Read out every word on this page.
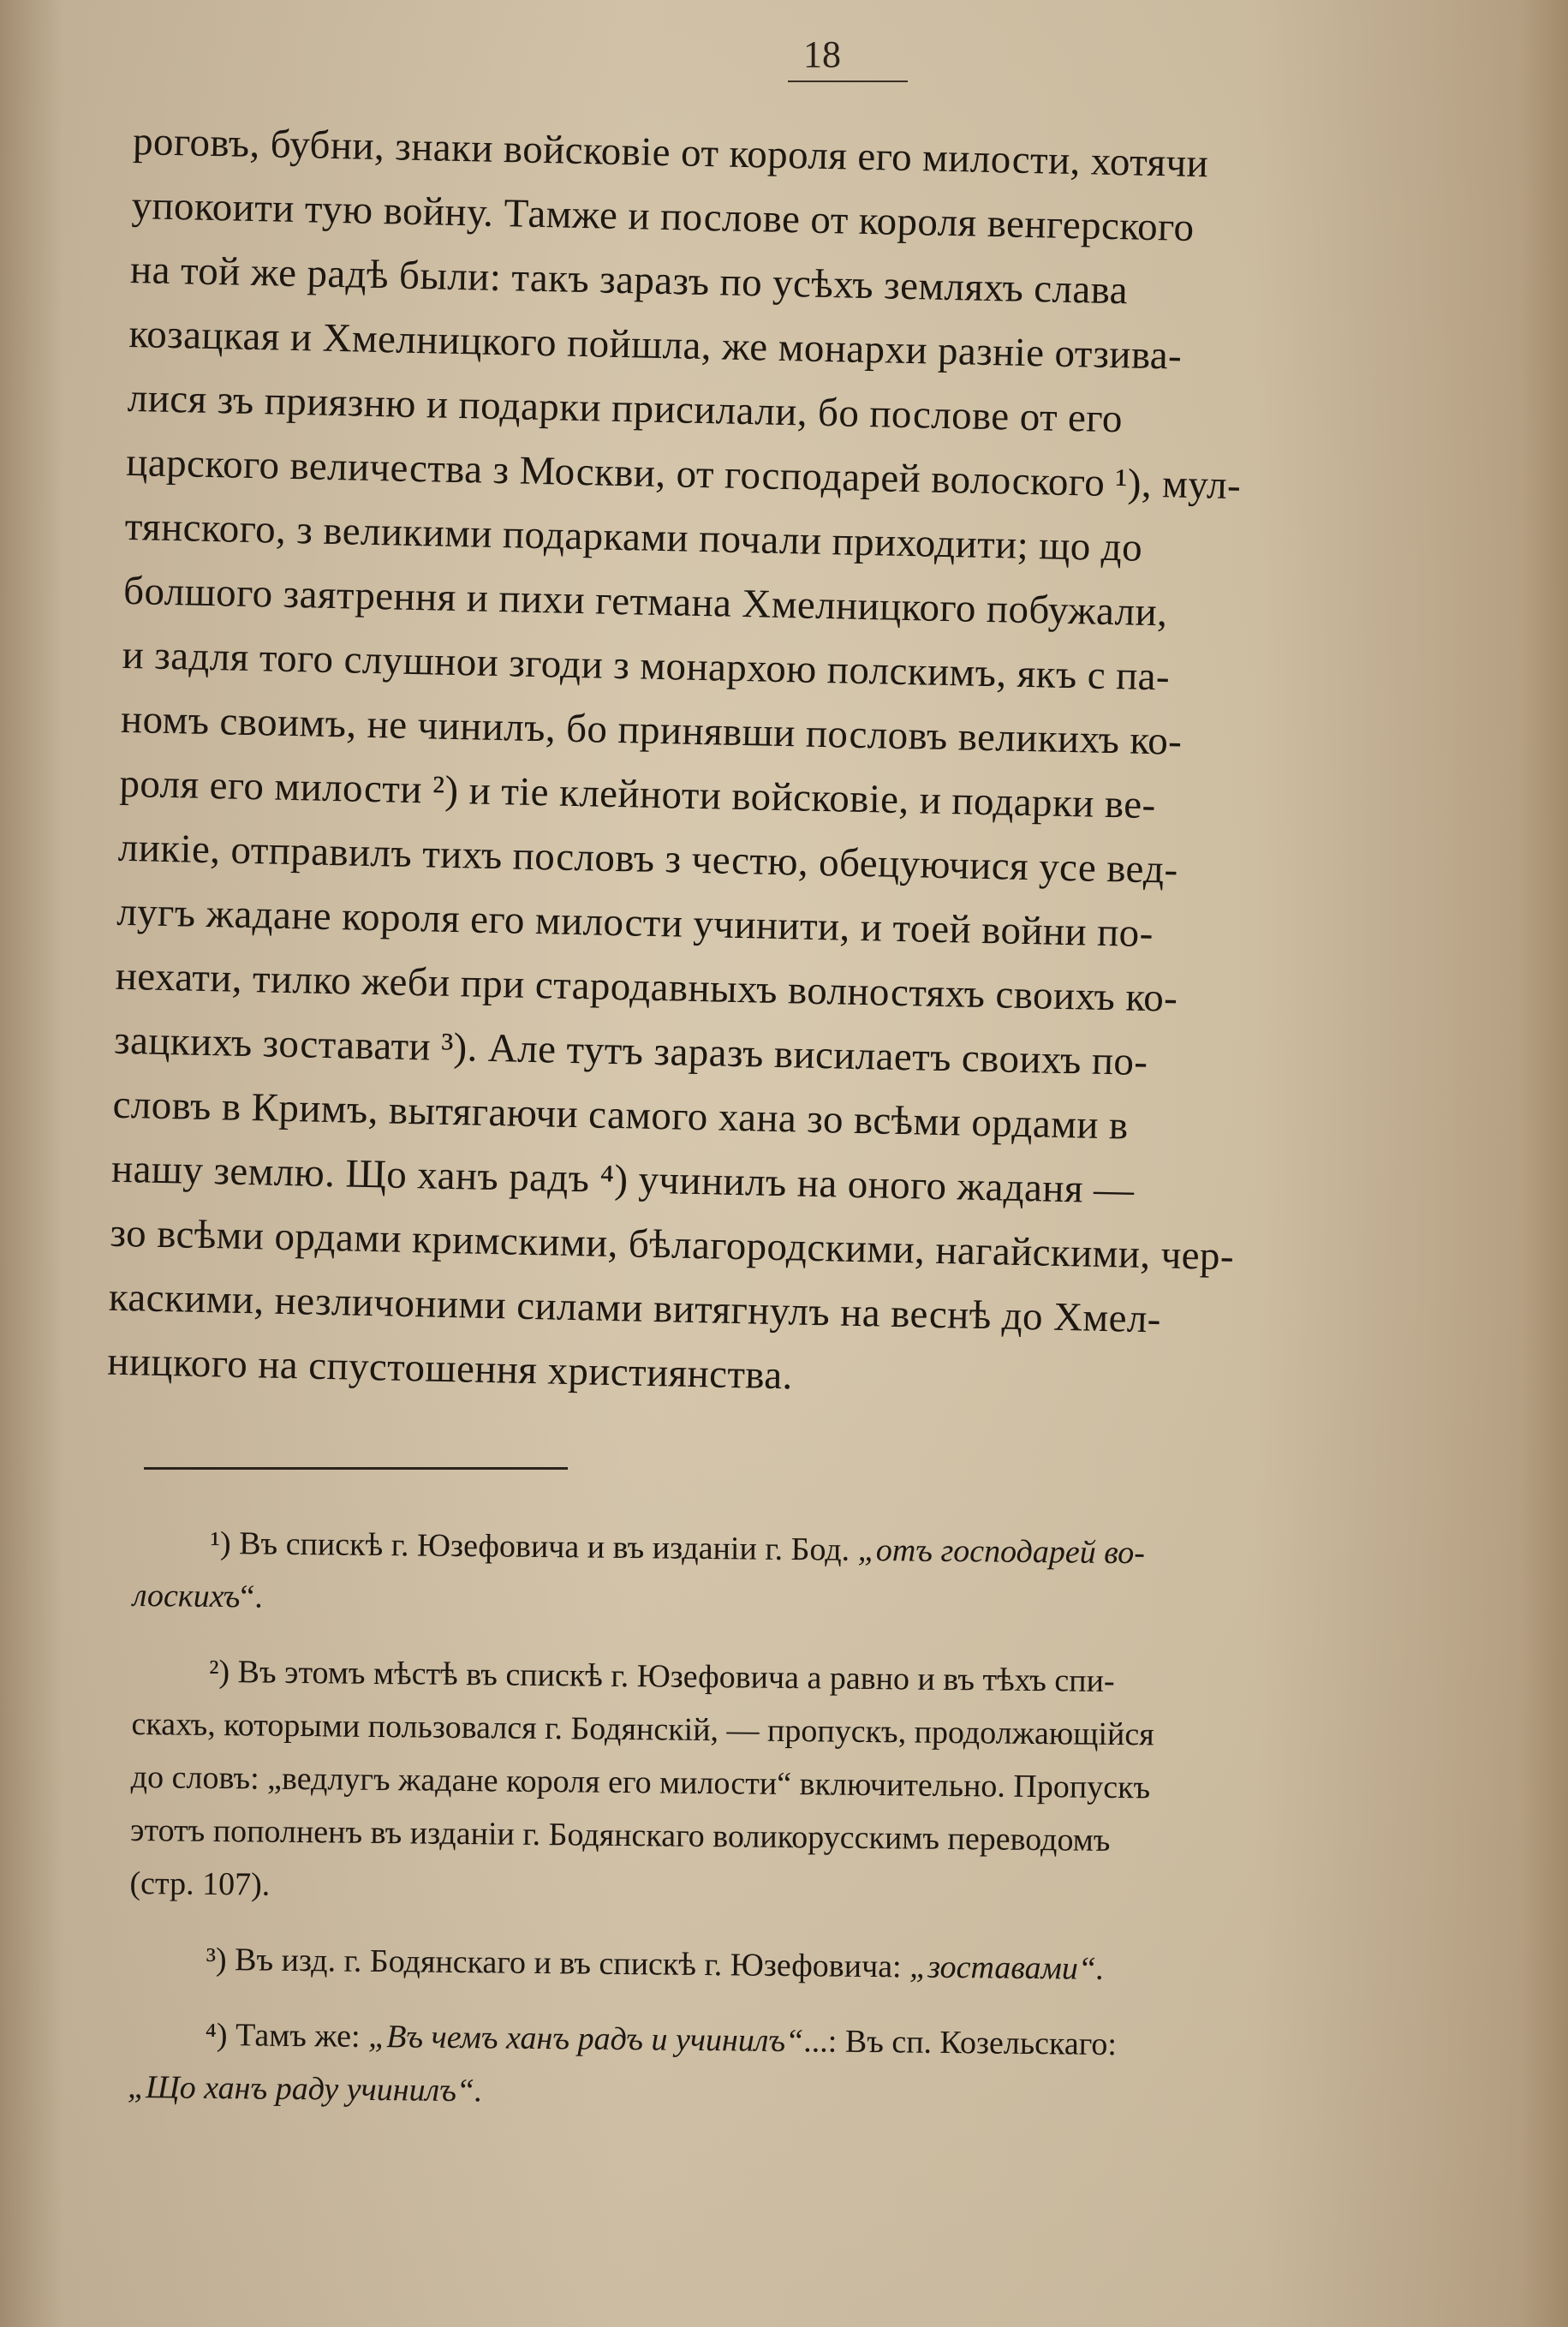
18
роговъ, бубни, знаки войсковіе от короля его милости, хотячи
упокоити тую войну. Тамже и послове от короля венгерского
на той же радѣ были: такъ заразъ по усѣхъ земляхъ слава
козацкая и Хмелницкого пойшла, же монархи разніе отзива-
лися зъ приязню и подарки присилали, бо послове от его
царского величества з Москви, от господарей волоского ¹), мул-
тянского, з великими подарками почали приходити; що до
болшого заятрення и пихи гетмана Хмелницкого побужали,
и задля того слушнои згоди з монархою полскимъ, якъ с па-
номъ своимъ, не чинилъ, бо принявши пословъ великихъ ко-
роля его милости ²) и тіе клейноти войсковіе, и подарки ве-
ликіе, отправилъ тихъ пословъ з честю, обецуючися усе вед-
лугъ жадане короля его милости учинити, и тоей войни по-
нехати, тилко жеби при стародавныхъ волностяхъ своихъ ко-
зацкихъ зоставати ³). Але тутъ заразъ висилаетъ своихъ по-
словъ в Кримъ, вытягаючи самого хана зо всѣми ордами в
нашу землю. Що ханъ радъ ⁴) учинилъ на оного жаданя —
зо всѣми ордами кримскими, бѣлагородскими, нагайскими, чер-
каскими, незличоними силами витягнулъ на веснѣ до Хмел-
ницкого на спустошення християнства.
¹) Въ спискѣ г. Юзефовича и въ изданіи г. Бод. „отъ господарей во-
лоскихъ“.
²) Въ этомъ мѣстѣ въ спискѣ г. Юзефовича а равно и въ тѣхъ спи-
скахъ, которыми пользовался г. Бодянскій, — пропускъ, продолжающійся
до словъ: „ведлугъ жадане короля его милости“ включительно. Пропускъ
этотъ пополненъ въ изданіи г. Бодянскаго воликорусскимъ переводомъ
(стр. 107).
³) Въ изд. г. Бодянскаго и въ спискѣ г. Юзефовича: „зоставами“.
⁴) Тамъ же: „Въ чемъ ханъ радъ и учинилъ“...: Въ сп. Козельскаго:
„Що ханъ раду учинилъ“.
